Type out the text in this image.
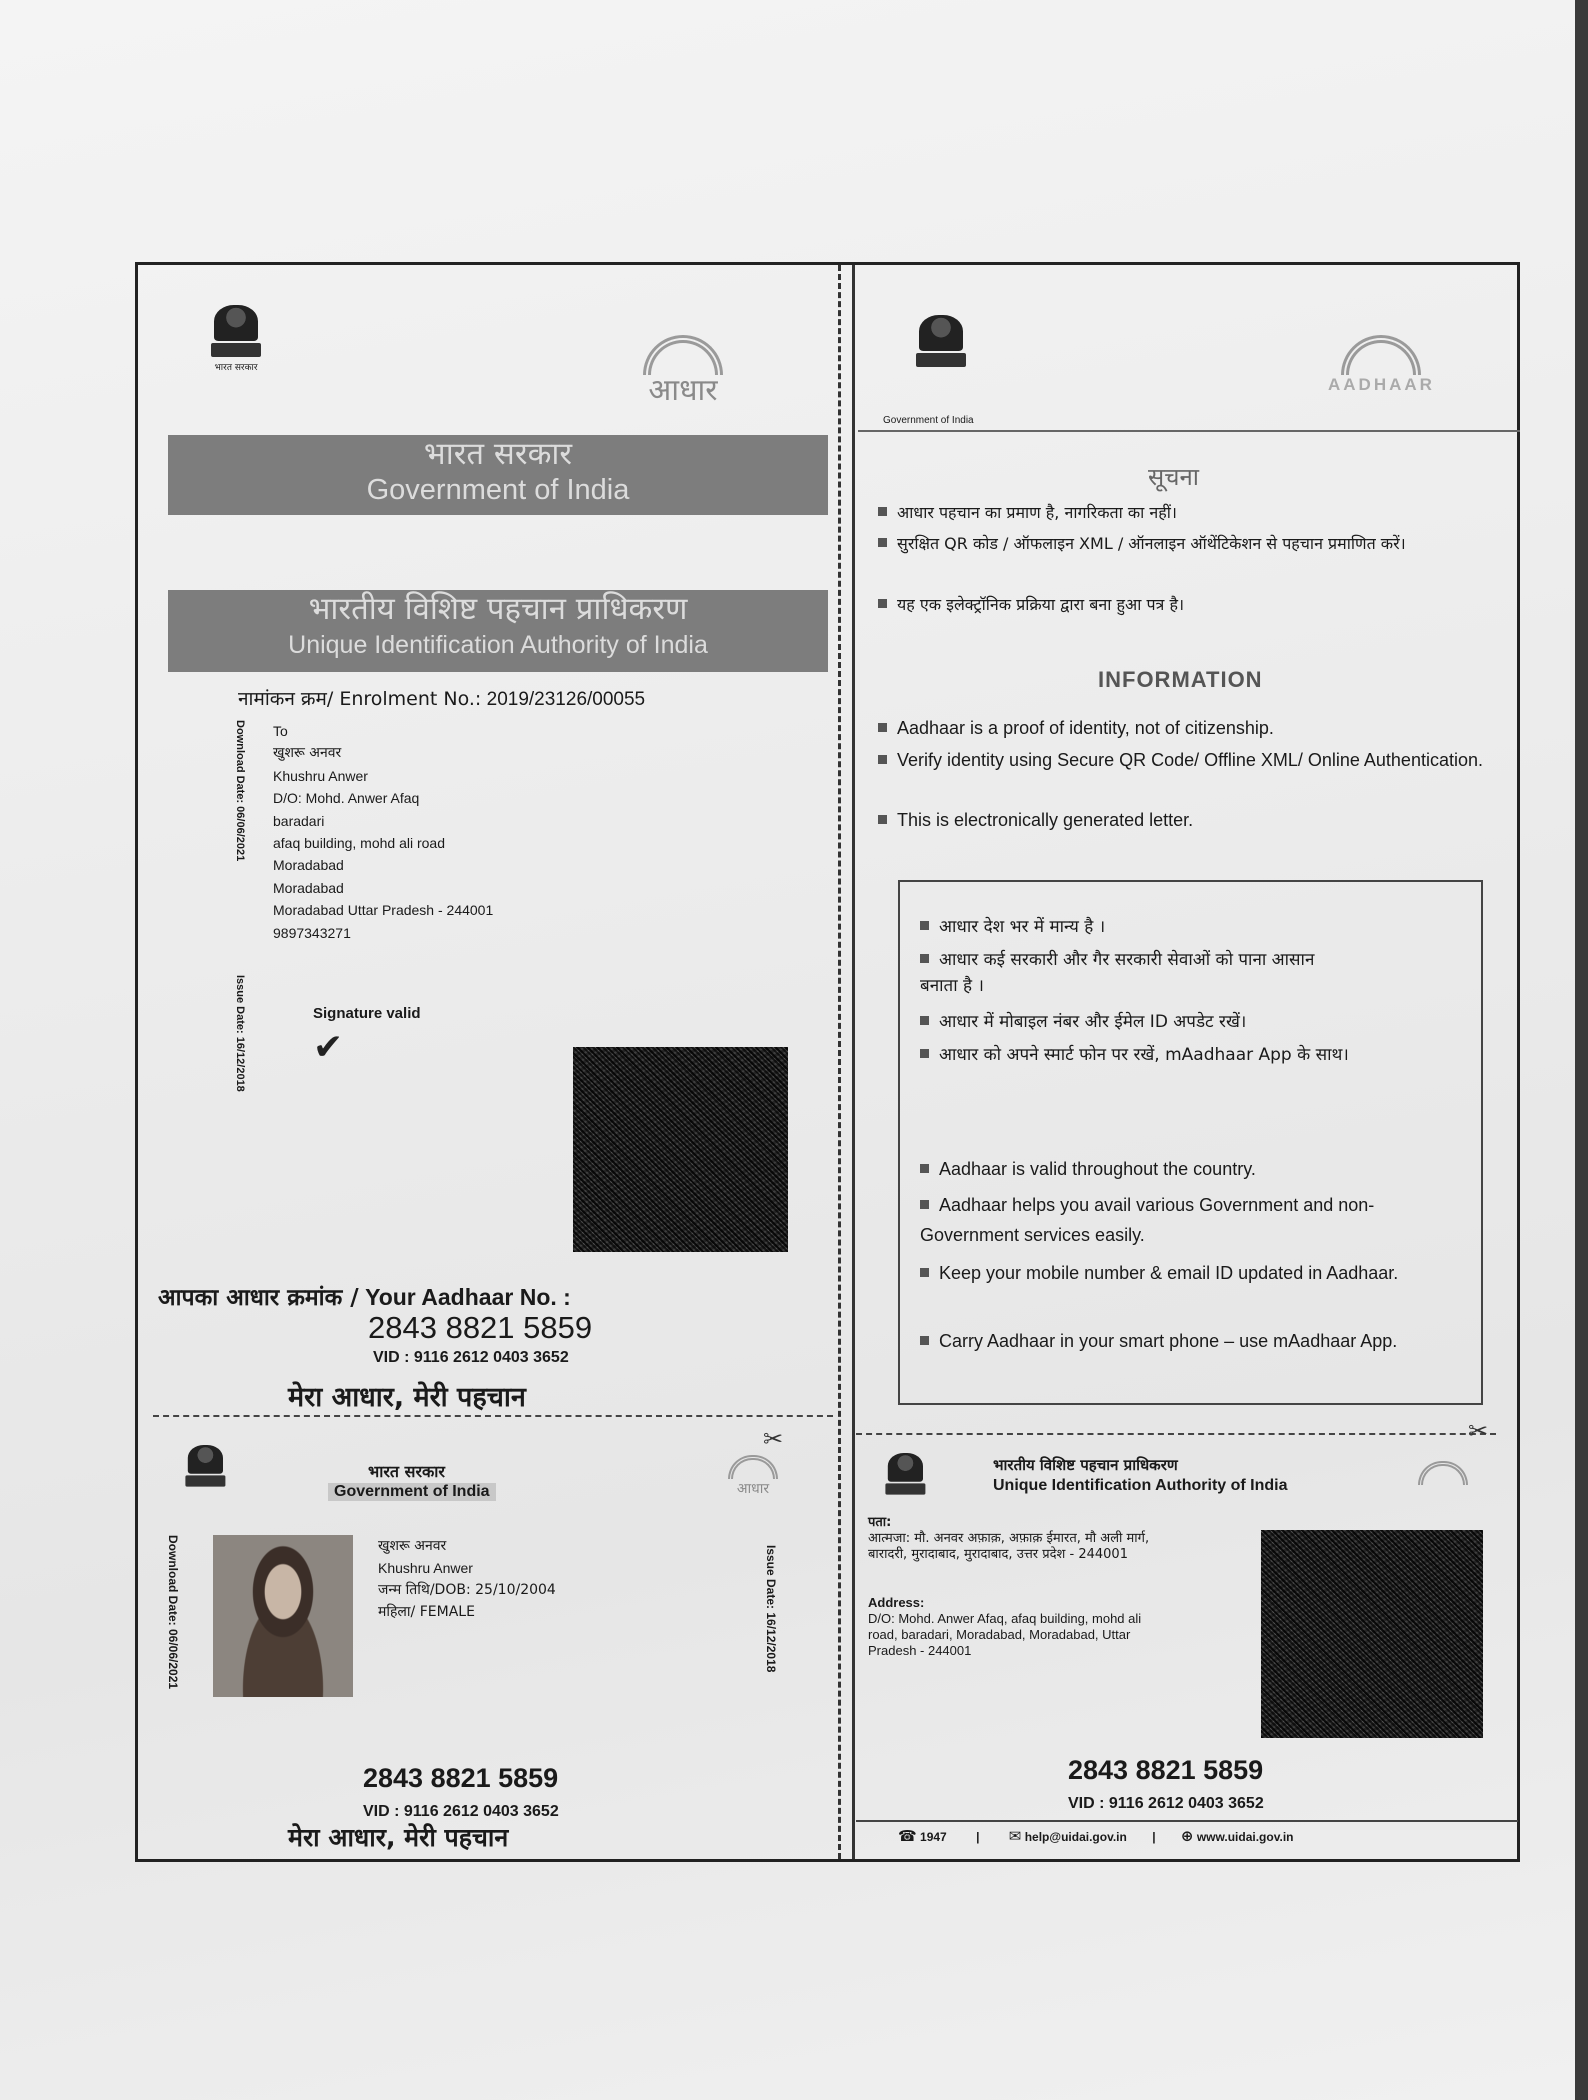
भारत सरकार
आधार
भारत सरकार
Government of India
भारतीय विशिष्ट पहचान प्राधिकरण
Unique Identification Authority of India
नामांकन क्रम/ Enrolment No.: 2019/23126/00055
Download Date: 06/06/2021
Issue Date: 16/12/2018
To
खुशरू अनवर
Khushru Anwer
D/O: Mohd. Anwer Afaq
baradari
afaq building, mohd ali road
Moradabad
Moradabad
Moradabad Uttar Pradesh - 244001
9897343271
Signature valid
✔
आपका आधार क्रमांक / Your Aadhaar No. :
2843 8821 5859
VID : 9116 2612 0403 3652
मेरा आधार, मेरी पहचान
✂
भारत सरकार
Government of India	आधार
Download Date: 06/06/2021	Issue Date: 16/12/2018
खुशरू अनवर
Khushru Anwer
जन्म तिथि/DOB: 25/10/2004
महिला/ FEMALE
2843 8821 5859
VID : 9116 2612 0403 3652
मेरा आधार, मेरी पहचान
Government of India
AADHAAR
सूचना
आधार पहचान का प्रमाण है, नागरिकता का नहीं।
सुरक्षित QR कोड / ऑफलाइन XML / ऑनलाइन ऑथेंटिकेशन से पहचान प्रमाणित करें।
यह एक इलेक्ट्रॉनिक प्रक्रिया द्वारा बना हुआ पत्र है।
INFORMATION
Aadhaar is a proof of identity, not of citizenship.
Verify identity using Secure QR Code/ Offline XML/ Online Authentication.
This is electronically generated letter.
आधार देश भर में मान्य है ।
आधार कई सरकारी और गैर सरकारी सेवाओं को पाना आसान बनाता है ।
आधार में मोबाइल नंबर और ईमेल ID अपडेट रखें।
आधार को अपने स्मार्ट फोन पर रखें, mAadhaar App के साथ।
Aadhaar is valid throughout the country.
Aadhaar helps you avail various Government and non-Government services easily.
Keep your mobile number & email ID updated in Aadhaar.
Carry Aadhaar in your smart phone – use mAadhaar App.
✂
भारतीय विशिष्ट पहचान प्राधिकरण
Unique Identification Authority of India
पता:
आत्मजा: मौ. अनवर अफ़ाक़, अफ़ाक़ ईमारत, मौ अली मार्ग, बारादरी, मुरादाबाद, मुरादाबाद, उत्तर प्रदेश - 244001
Address:
D/O: Mohd. Anwer Afaq, afaq building, mohd ali road, baradari, Moradabad, Moradabad, Uttar Pradesh - 244001
2843 8821 5859
VID : 9116 2612 0403 3652
☎ 1947 | ✉ help@uidai.gov.in | ⊕ www.uidai.gov.in
